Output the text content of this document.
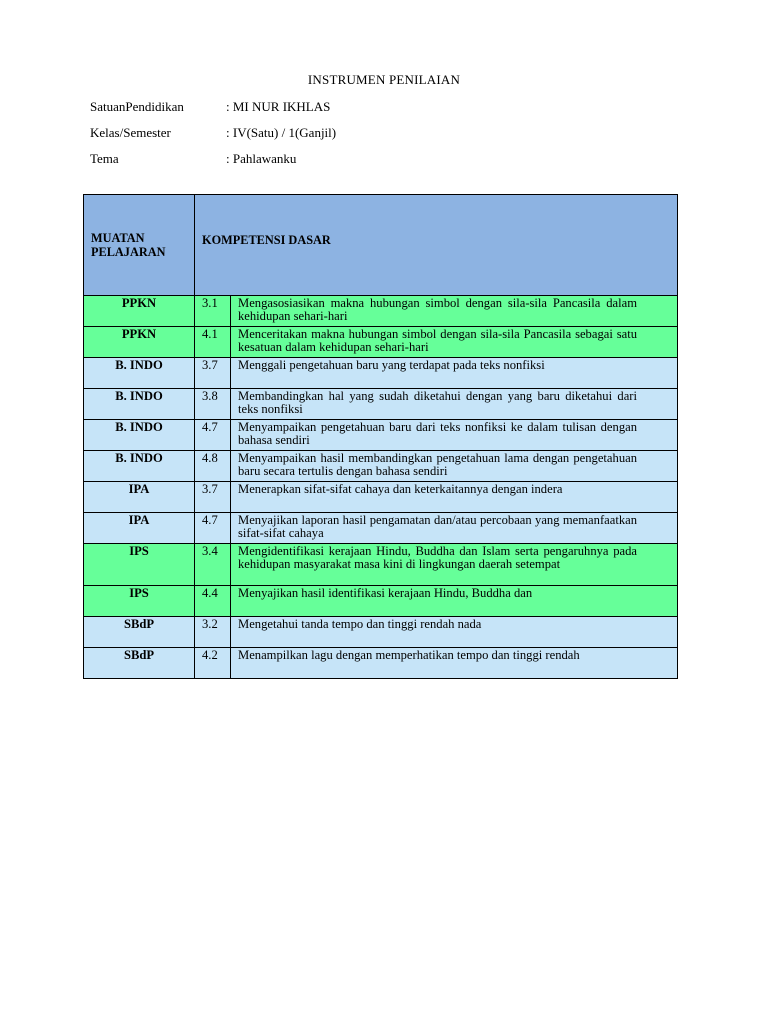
INSTRUMEN PENILAIAN
SatuanPendidikan	: MI NUR IKHLAS
Kelas/Semester	: IV(Satu) / 1(Ganjil)
Tema	: Pahlawanku
MUATAN PELAJARAN	KOMPETENSI DASAR	
PPKN	3.1	Mengasosiasikan makna hubungan simbol dengan sila-sila Pancasila dalam kehidupan sehari-hari
PPKN	4.1	Menceritakan makna hubungan simbol dengan sila-sila Pancasila sebagai satu kesatuan dalam kehidupan sehari-hari
B. INDO	3.7	Menggali pengetahuan baru yang terdapat pada teks nonfiksi
B. INDO	3.8	Membandingkan hal yang sudah diketahui dengan yang baru diketahui dari teks nonfiksi
B. INDO	4.7	Menyampaikan pengetahuan baru dari teks nonfiksi ke dalam tulisan dengan bahasa sendiri
B. INDO	4.8	Menyampaikan hasil membandingkan pengetahuan lama dengan pengetahuan baru secara tertulis dengan bahasa sendiri
IPA	3.7	Menerapkan sifat-sifat cahaya dan keterkaitannya dengan indera
IPA	4.7	Menyajikan laporan hasil pengamatan dan/atau percobaan yang memanfaatkan sifat-sifat cahaya
IPS	3.4	Mengidentifikasi kerajaan Hindu, Buddha dan Islam serta pengaruhnya pada kehidupan masyarakat masa kini di lingkungan daerah setempat
IPS	4.4	Menyajikan hasil identifikasi kerajaan Hindu, Buddha dan
SBdP	3.2	Mengetahui tanda tempo dan tinggi rendah nada
SBdP	4.2	Menampilkan lagu dengan memperhatikan tempo dan tinggi rendah
